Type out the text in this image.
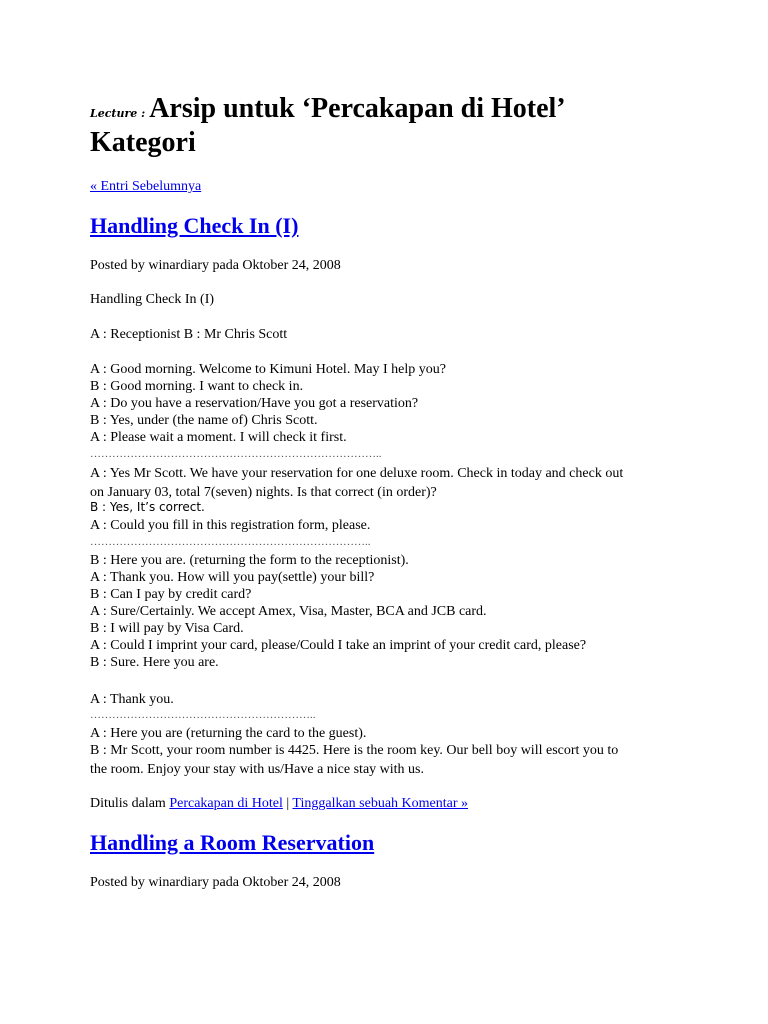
Lecture : Arsip untuk ‘Percakapan di Hotel’
Kategori
« Entri Sebelumnya
Handling Check In (I)
Posted by winardiary pada Oktober 24, 2008
Handling Check In (I)
A : Receptionist B : Mr Chris Scott
A : Good morning. Welcome to Kimuni Hotel. May I help you?
B : Good morning. I want to check in.
A : Do you have a reservation/Have you got a reservation?
B : Yes, under (the name of) Chris Scott.
A : Please wait a moment. I will check it first.
……………………………………………………………………..
A : Yes Mr Scott. We have your reservation for one deluxe room. Check in today and check out
on January 03, total 7(seven) nights. Is that correct (in order)?
B : Yes, It’s correct.
A : Could you fill in this registration form, please.
…………………………………………………………………..
B : Here you are. (returning the form to the receptionist).
A : Thank you. How will you pay(settle) your bill?
B : Can I pay by credit card?
A : Sure/Certainly. We accept Amex, Visa, Master, BCA and JCB card.
B : I will pay by Visa Card.
A : Could I imprint your card, please/Could I take an imprint of your credit card, please?
B : Sure. Here you are.
A : Thank you.
……………………………………………………..
A : Here you are (returning the card to the guest).
B : Mr Scott, your room number is 4425. Here is the room key. Our bell boy will escort you to
the room. Enjoy your stay with us/Have a nice stay with us.
Ditulis dalam Percakapan di Hotel | Tinggalkan sebuah Komentar »
Handling a Room Reservation
Posted by winardiary pada Oktober 24, 2008
